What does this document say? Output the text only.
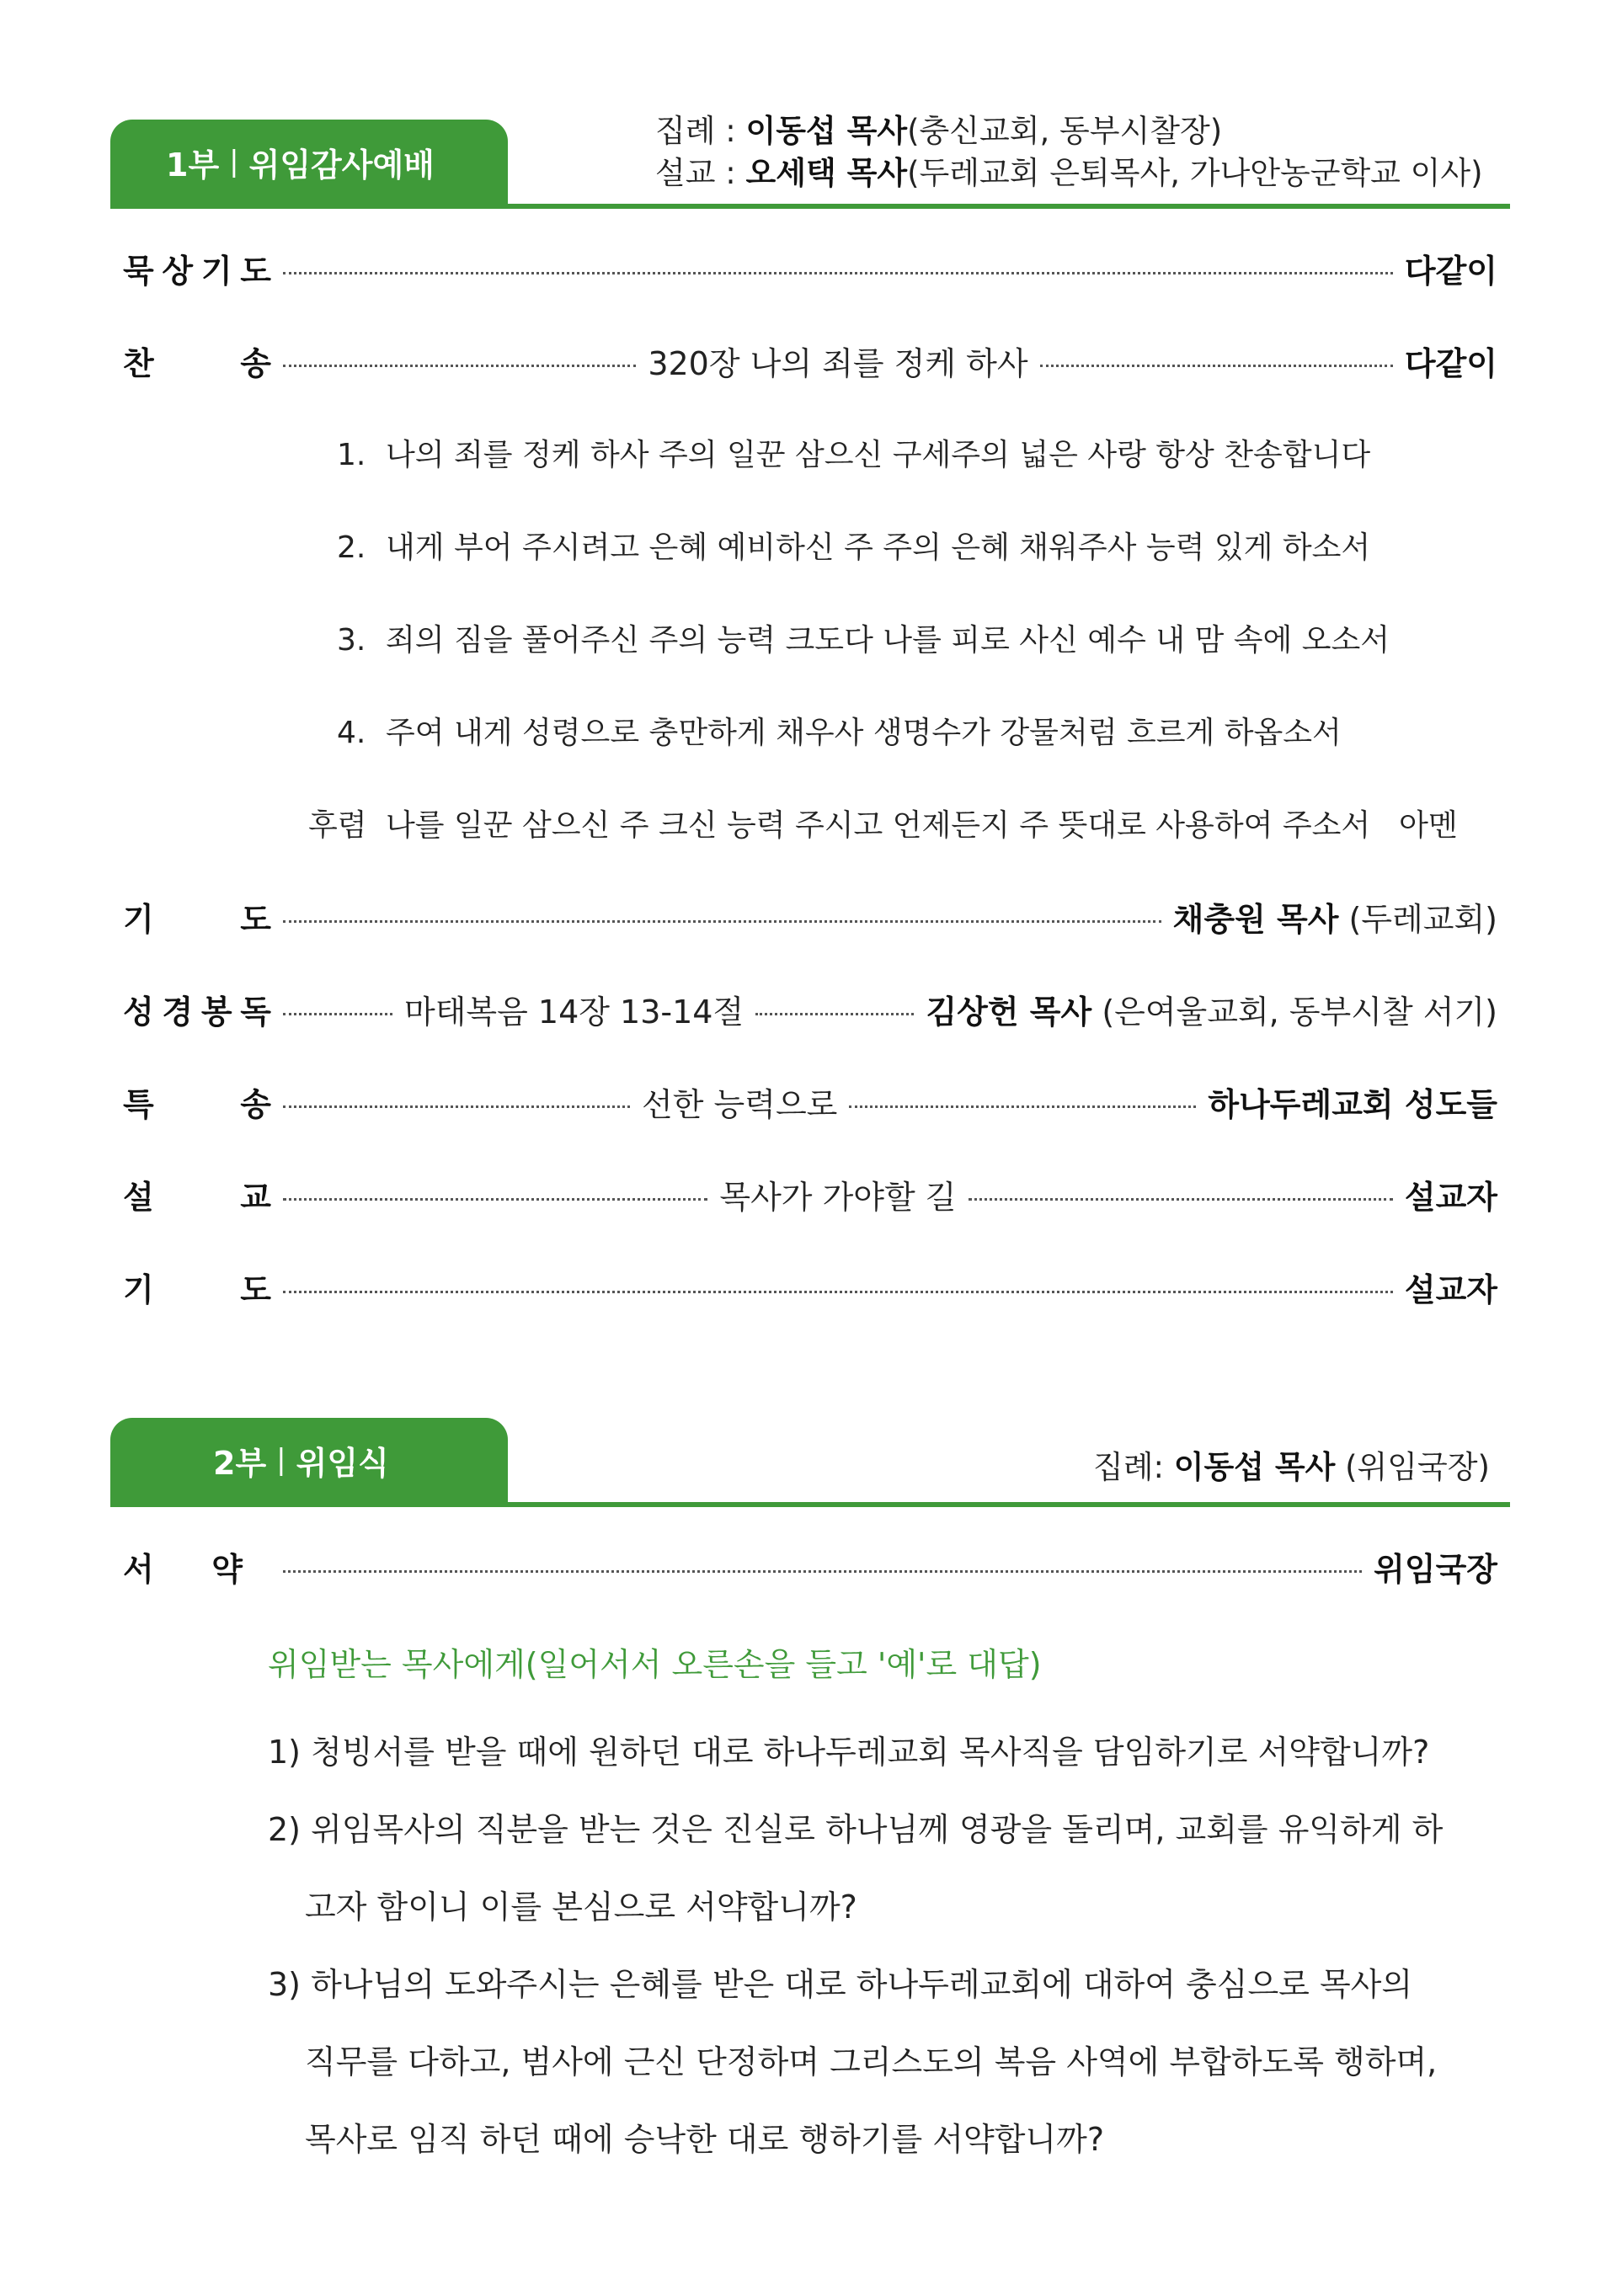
1부 | 위임감사예배
집례 : 이동섭 목사(충신교회, 동부시찰장)
설교 : 오세택 목사(두레교회 은퇴목사, 가나안농군학교 이사)
묵 상 기 도	다같이
찬	송	320장 나의 죄를 정케 하사	다같이
1. 나의 죄를 정케 하사 주의 일꾼 삼으신 구세주의 넓은 사랑 항상 찬송합니다
2. 내게 부어 주시려고 은혜 예비하신 주 주의 은혜 채워주사 능력 있게 하소서
3. 죄의 짐을 풀어주신 주의 능력 크도다 나를 피로 사신 예수 내 맘 속에 오소서
4. 주여 내게 성령으로 충만하게 채우사 생명수가 강물처럼 흐르게 하옵소서
후렴 나를 일꾼 삼으신 주 크신 능력 주시고 언제든지 주 뜻대로 사용하여 주소서 아멘
기	도	채충원 목사 (두레교회)
성 경 봉 독	마태복음 14장 13-14절	김상헌 목사 (은여울교회, 동부시찰 서기)
특	송	선한 능력으로	하나두레교회 성도들
설	교	목사가 가야할 길	설교자
기	도	설교자
2부 | 위임식	집례: 이동섭 목사 (위임국장)
서 약	위임국장
위임받는 목사에게(일어서서 오른손을 들고 '예'로 대답)
1) 청빙서를 받을 때에 원하던 대로 하나두레교회 목사직을 담임하기로 서약합니까?
2) 위임목사의 직분을 받는 것은 진실로 하나님께 영광을 돌리며, 교회를 유익하게 하
고자 함이니 이를 본심으로 서약합니까?
3) 하나님의 도와주시는 은혜를 받은 대로 하나두레교회에 대하여 충심으로 목사의
직무를 다하고, 범사에 근신 단정하며 그리스도의 복음 사역에 부합하도록 행하며,
목사로 임직 하던 때에 승낙한 대로 행하기를 서약합니까?
